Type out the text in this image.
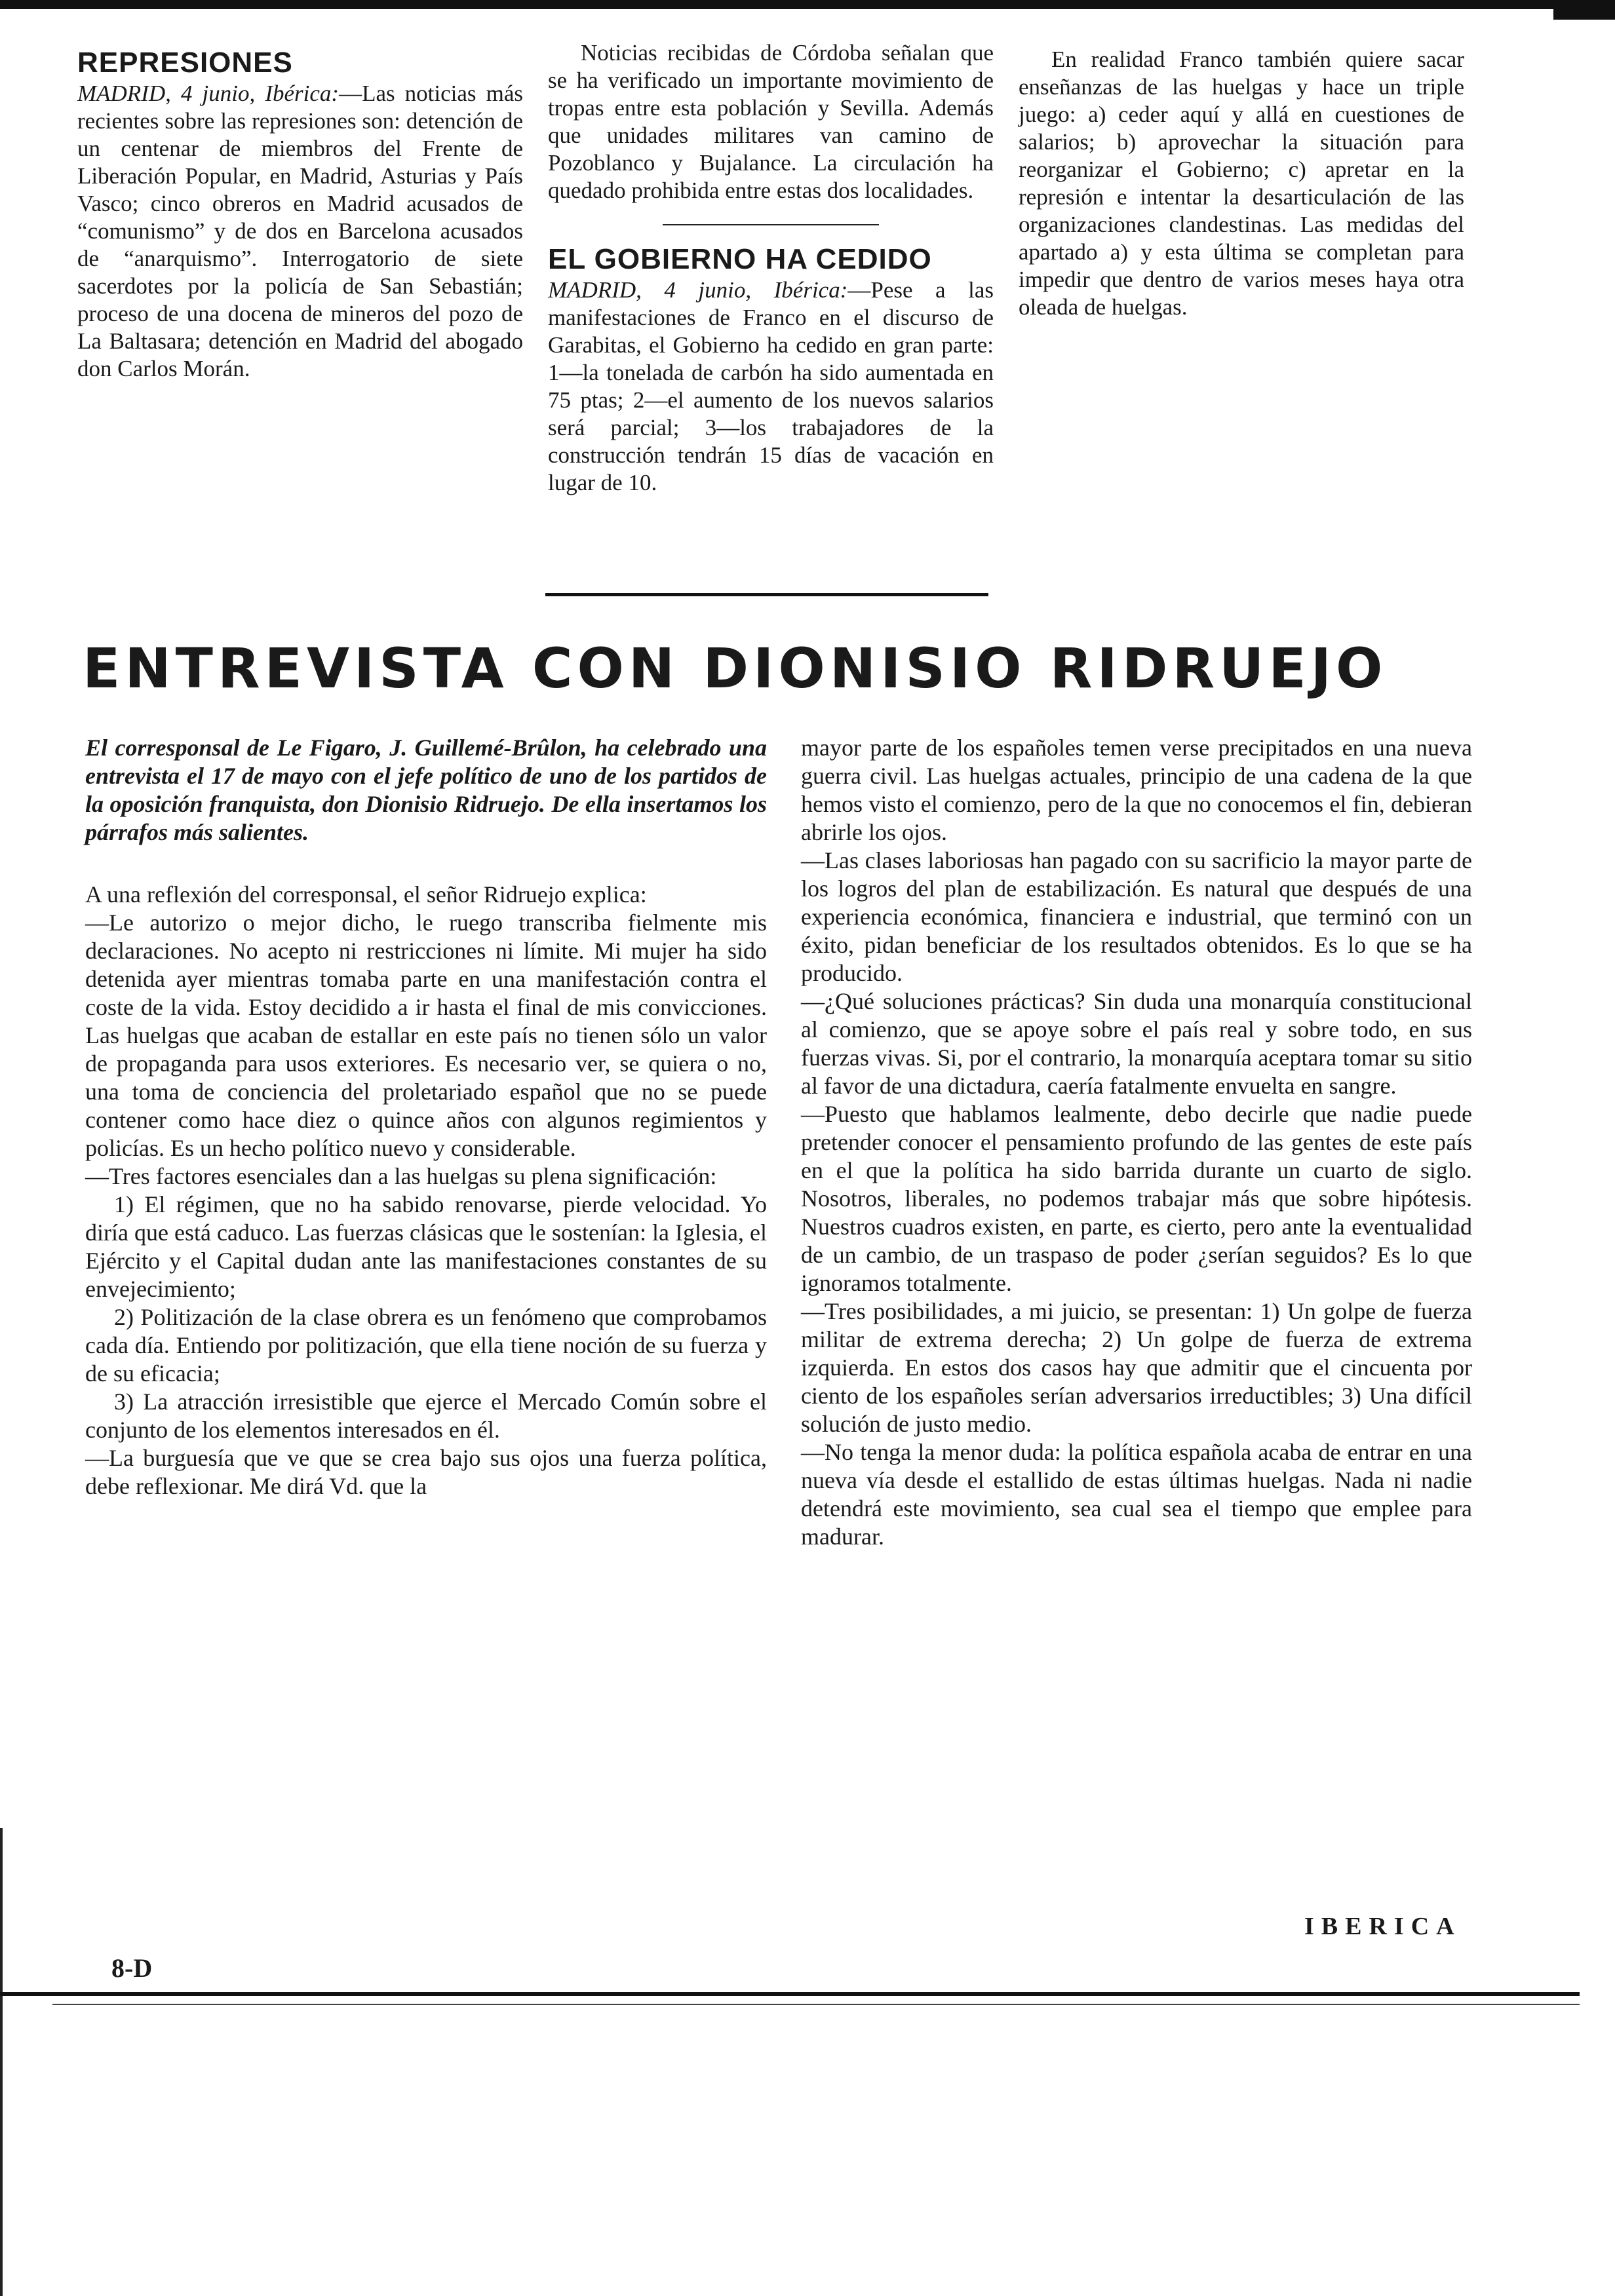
REPRESIONES

MADRID, 4 junio, Ibérica:—Las noticias más recientes sobre las represiones son: detención de un centenar de miembros del Frente de Liberación Popular, en Madrid, Asturias y País Vasco; cinco obreros en Madrid acusados de “comunismo” y de dos en Barcelona acusados de “anarquismo”. Interrogatorio de siete sacerdotes por la policía de San Sebastián; proceso de una docena de mineros del pozo de La Baltasara; detención en Madrid del abogado don Carlos Morán.

Noticias recibidas de Córdoba señalan que se ha verificado un importante movimiento de tropas entre esta población y Sevilla. Además que unidades militares van camino de Pozoblanco y Bujalance. La circulación ha quedado prohibida entre estas dos localidades.

EL GOBIERNO HA CEDIDO

MADRID, 4 junio, Ibérica:—Pese a las manifestaciones de Franco en el discurso de Garabitas, el Gobierno ha cedido en gran parte: 1—la tonelada de carbón ha sido aumentada en 75 ptas; 2—el aumento de los nuevos salarios será parcial; 3—los trabajadores de la construcción tendrán 15 días de vacación en lugar de 10.

En realidad Franco también quiere sacar enseñanzas de las huelgas y hace un triple juego: a) ceder aquí y allá en cuestiones de salarios; b) aprovechar la situación para reorganizar el Gobierno; c) apretar en la represión e intentar la desarticulación de las organizaciones clandestinas. Las medidas del apartado a) y esta última se completan para impedir que dentro de varios meses haya otra oleada de huelgas.

ENTREVISTA CON DIONISIO RIDRUEJO

El corresponsal de Le Figaro, J. Guillemé-Brûlon, ha celebrado una entrevista el 17 de mayo con el jefe político de uno de los partidos de la oposición franquista, don Dionisio Ridruejo. De ella insertamos los párrafos más salientes.

A una reflexión del corresponsal, el señor Ridruejo explica:

—Le autorizo o mejor dicho, le ruego transcriba fielmente mis declaraciones. No acepto ni restricciones ni límite. Mi mujer ha sido detenida ayer mientras tomaba parte en una manifestación contra el coste de la vida. Estoy decidido a ir hasta el final de mis convicciones. Las huelgas que acaban de estallar en este país no tienen sólo un valor de propaganda para usos exteriores. Es necesario ver, se quiera o no, una toma de conciencia del proletariado español que no se puede contener como hace diez o quince años con algunos regimientos y policías. Es un hecho político nuevo y considerable.

—Tres factores esenciales dan a las huelgas su plena significación:

1) El régimen, que no ha sabido renovarse, pierde velocidad. Yo diría que está caduco. Las fuerzas clásicas que le sostenían: la Iglesia, el Ejército y el Capital dudan ante las manifestaciones constantes de su envejecimiento;

2) Politización de la clase obrera es un fenómeno que comprobamos cada día. Entiendo por politización, que ella tiene noción de su fuerza y de su eficacia;

3) La atracción irresistible que ejerce el Mercado Común sobre el conjunto de los elementos interesados en él.

—La burguesía que ve que se crea bajo sus ojos una fuerza política, debe reflexionar. Me dirá Vd. que la

mayor parte de los españoles temen verse precipitados en una nueva guerra civil. Las huelgas actuales, principio de una cadena de la que hemos visto el comienzo, pero de la que no conocemos el fin, debieran abrirle los ojos.

—Las clases laboriosas han pagado con su sacrificio la mayor parte de los logros del plan de estabilización. Es natural que después de una experiencia económica, financiera e industrial, que terminó con un éxito, pidan beneficiar de los resultados obtenidos. Es lo que se ha producido.

—¿Qué soluciones prácticas? Sin duda una monarquía constitucional al comienzo, que se apoye sobre el país real y sobre todo, en sus fuerzas vivas. Si, por el contrario, la monarquía aceptara tomar su sitio al favor de una dictadura, caería fatalmente envuelta en sangre.

—Puesto que hablamos lealmente, debo decirle que nadie puede pretender conocer el pensamiento profundo de las gentes de este país en el que la política ha sido barrida durante un cuarto de siglo. Nosotros, liberales, no podemos trabajar más que sobre hipótesis. Nuestros cuadros existen, en parte, es cierto, pero ante la eventualidad de un cambio, de un traspaso de poder ¿serían seguidos? Es lo que ignoramos totalmente.

—Tres posibilidades, a mi juicio, se presentan: 1) Un golpe de fuerza militar de extrema derecha; 2) Un golpe de fuerza de extrema izquierda. En estos dos casos hay que admitir que el cincuenta por ciento de los españoles serían adversarios irreductibles; 3) Una difícil solución de justo medio.

—No tenga la menor duda: la política española acaba de entrar en una nueva vía desde el estallido de estas últimas huelgas. Nada ni nadie detendrá este movimiento, sea cual sea el tiempo que emplee para madurar.

IBERICA
8-D
